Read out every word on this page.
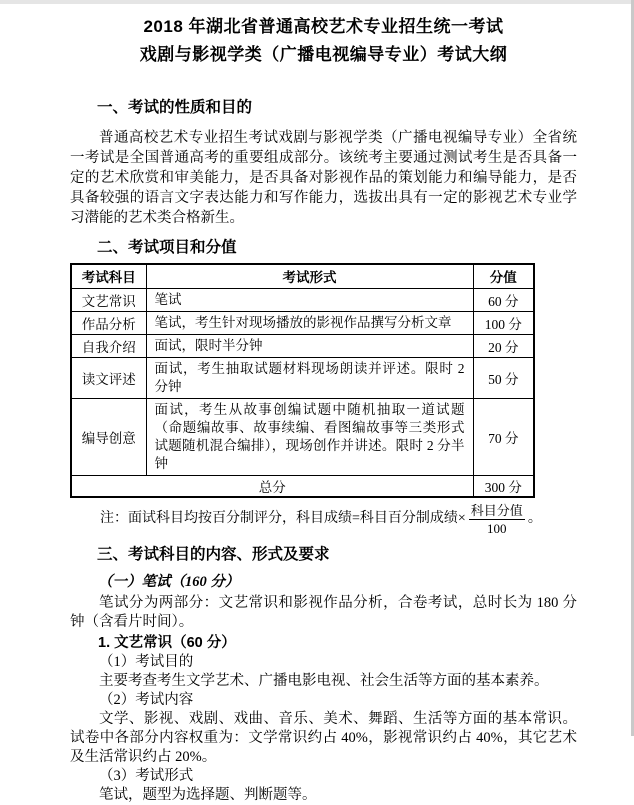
2018 年湖北省普通高校艺术专业招生统一考试
戏剧与影视学类（广播电视编导专业）考试大纲
一、考试的性质和目的

普通高校艺术专业招生考试戏剧与影视学类（广播电视编导专业）全省统一考试是全国普通高考的重要组成部分。该统考主要通过测试考生是否具备一定的艺术欣赏和审美能力，是否具备对影视作品的策划能力和编导能力，是否具备较强的语言文字表达能力和写作能力，选拔出具有一定的影视艺术专业学习潜能的艺术类合格新生。

二、考试项目和分值
考试科目	考试形式	分值
文艺常识	笔试	60 分
作品分析	笔试，考生针对现场播放的影视作品撰写分析文章	100 分
自我介绍	面试，限时半分钟	20 分
读文评述	面试，考生抽取试题材料现场朗读并评述。限时 2 分钟	50 分
编导创意	面试，考生从故事创编试题中随机抽取一道试题（命题编故事、故事续编、看图编故事等三类形式试题随机混合编排），现场创作并讲述。限时 2 分半钟	70 分
总分		300 分

注：面试科目均按百分制评分，科目成绩=科目百分制成绩× $\frac{\text{科目分值}}{100}$ 。

三、考试科目的内容、形式及要求

（一）笔试（160 分）

笔试分为两部分：文艺常识和影视作品分析，合卷考试，总时长为 180 分钟（含看片时间）。

1. 文艺常识（60 分）

（1）考试目的

主要考查考生文学艺术、广播电影电视、社会生活等方面的基本素养。

（2）考试内容

文学、影视、戏剧、戏曲、音乐、美术、舞蹈、生活等方面的基本常识。试卷中各部分内容权重为：文学常识约占 40%，影视常识约占 40%，其它艺术及生活常识约占 20%。

（3）考试形式

笔试，题型为选择题、判断题等。
